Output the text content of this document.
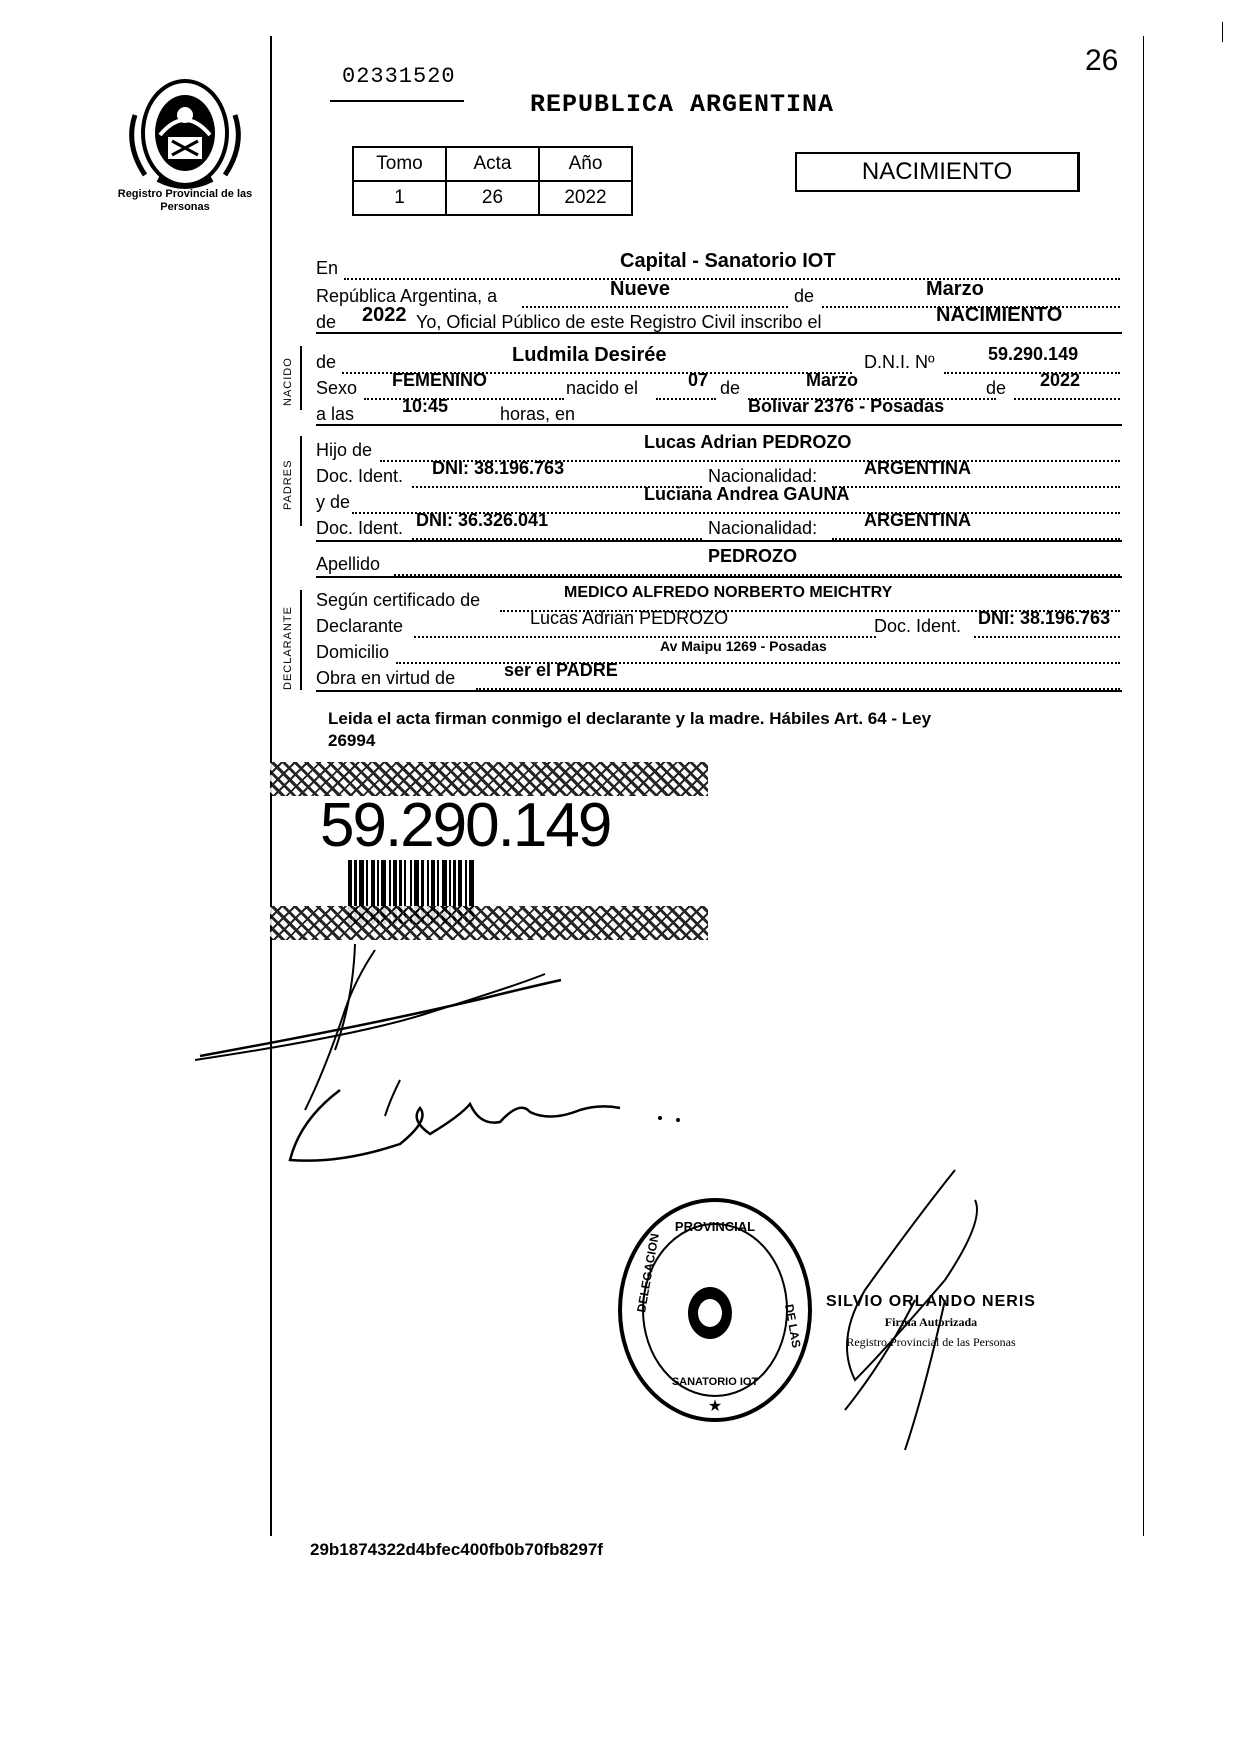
Registro Provincial de las Personas
02331520	26
REPUBLICA ARGENTINA
Tomo	Acta	Año
1	26	2022
NACIMIENTO
En	Capital - Sanatorio IOT
República Argentina, a	Nueve	de	Marzo
de 2022 Yo, Oficial Público de este Registro Civil inscribo el	NACIMIENTO
NACIDO de	Ludmila Desirée	D.N.I. Nº	59.290.149
Sexo FEMENINO	nacido el	07 de	Marzo	de 2022
a las	10:45	horas, en	Bolivar 2376 - Posadas
PADRES
Hijo de	Lucas Adrian PEDROZO
Doc. Ident. DNI: 38.196.763	Nacionalidad:	ARGENTINA
y de	Luciana Andrea GAUNA
Doc. Ident. DNI: 36.326.041	Nacionalidad:	ARGENTINA
Apellido	PEDROZO
DECLARANTE
Según certificado de	MEDICO ALFREDO NORBERTO MEICHTRY
Declarante	Lucas Adrian PEDROZO	Doc. Ident. DNI: 38.196.763
Domicilio	Av Maipu 1269 - Posadas
Obra en virtud de	ser el PADRE
Leida el acta firman conmigo el declarante y la madre. Hábiles Art. 64 - Ley
26994
59.290.149
PROVINCIAL
DELEGACION
DE LAS
SANATORIO IOT
★
SILVIO ORLANDO NERIS
Firma Autorizada
Registro Provincial de las Personas
29b1874322d4bfec400fb0b70fb8297f
